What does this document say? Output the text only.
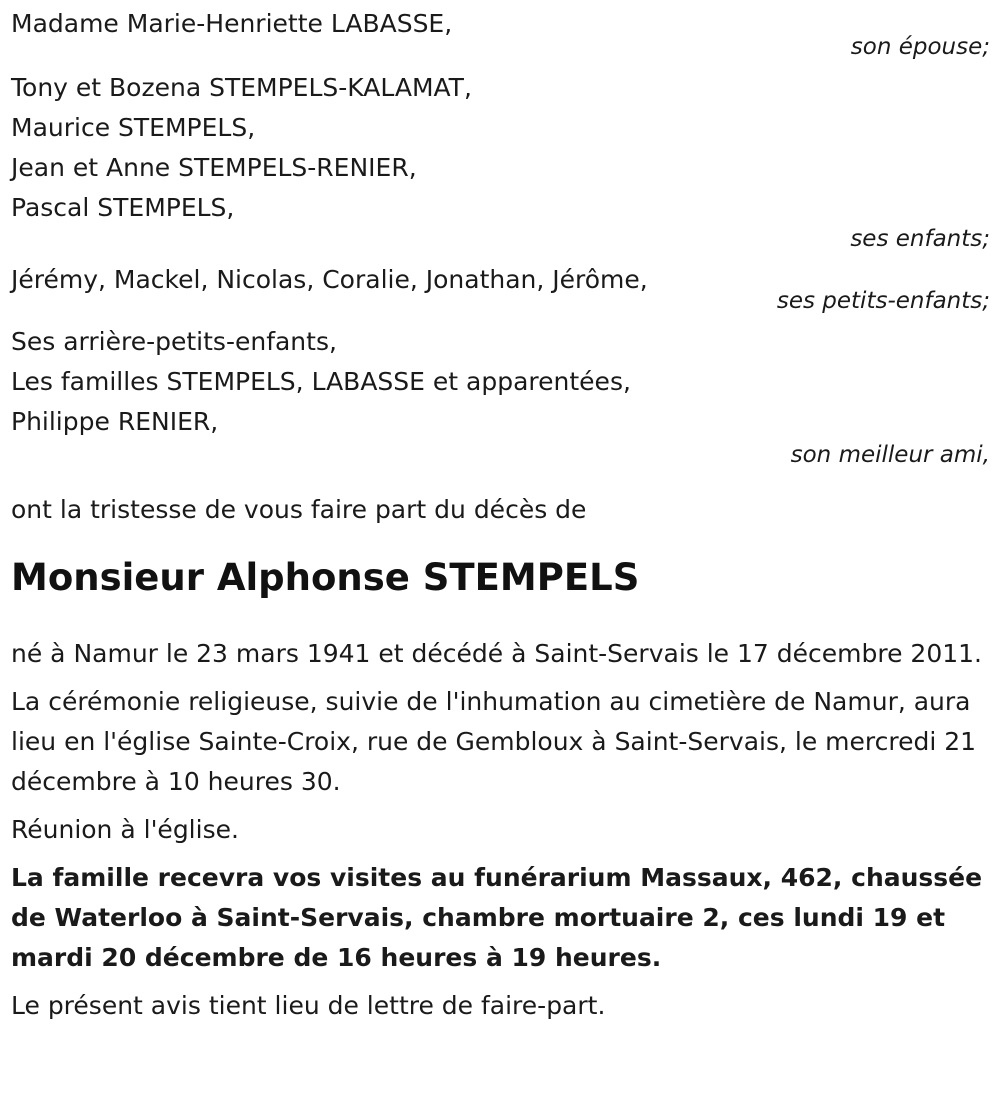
Madame Marie-Henriette LABASSE,
son épouse;
Tony et Bozena STEMPELS-KALAMAT,
Maurice STEMPELS,
Jean et Anne STEMPELS-RENIER,
Pascal STEMPELS,
ses enfants;
Jérémy, Mackel, Nicolas, Coralie, Jonathan, Jérôme,
ses petits-enfants;
Ses arrière-petits-enfants,
Les familles STEMPELS, LABASSE et apparentées,
Philippe RENIER,
son meilleur ami,
ont la tristesse de vous faire part du décès de
Monsieur Alphonse STEMPELS
né à Namur le 23 mars 1941 et décédé à Saint-Servais le 17 décembre 2011.
La cérémonie religieuse, suivie de l'inhumation au cimetière de Namur, aura lieu en l'église Sainte-Croix, rue de Gembloux à Saint-Servais, le mercredi 21 décembre à 10 heures 30.
Réunion à l'église.
La famille recevra vos visites au funérarium Massaux, 462, chaussée de Waterloo à Saint-Servais, chambre mortuaire 2, ces lundi 19 et mardi 20 décembre de 16 heures à 19 heures.
Le présent avis tient lieu de lettre de faire-part.
